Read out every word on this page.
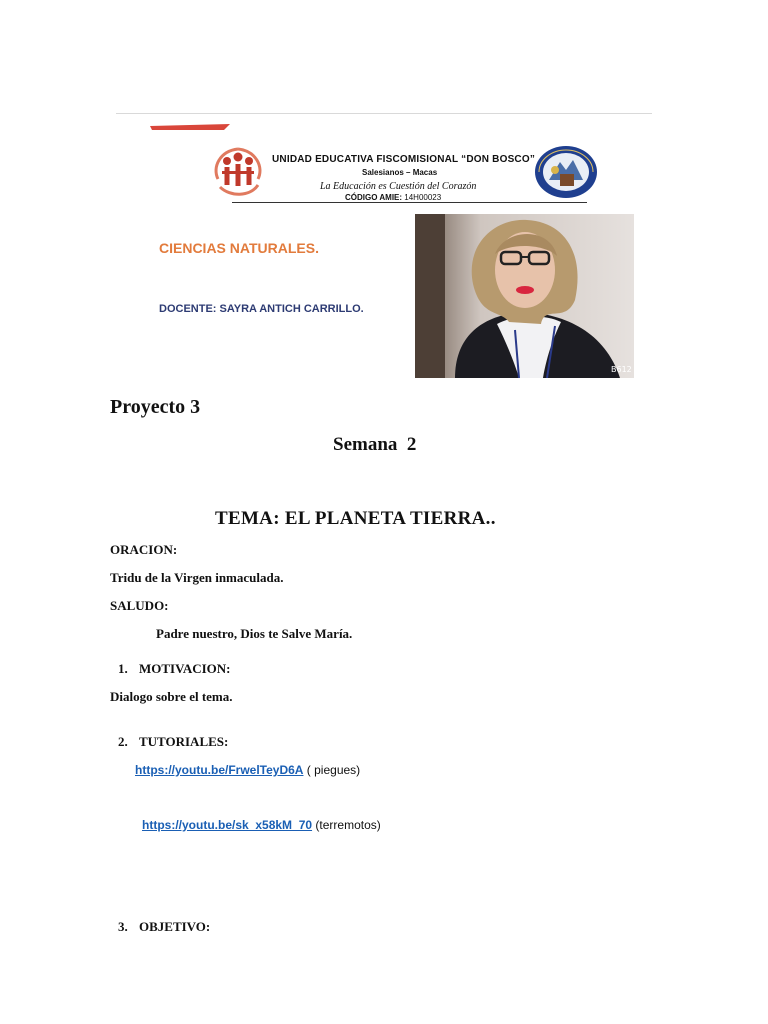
UNIDAD EDUCATIVA FISCOMISIONAL “DON BOSCO”
Salesianos – Macas
La Educación es Cuestión del Corazón
CÓDIGO AMIE: 14H00023
CIENCIAS NATURALES.
DOCENTE: SAYRA ANTICH CARRILLO.
B612
Proyecto 3
Semana  2
TEMA: EL PLANETA TIERRA..
ORACION:
Tridu de la Virgen inmaculada.
SALUDO:
Padre nuestro, Dios te Salve María.
1. MOTIVACION:
Dialogo sobre el tema.
2. TUTORIALES:
https://youtu.be/FrwelTeyD6A ( piegues)
https://youtu.be/sk_x58kM_70 (terremotos)
3. OBJETIVO:
